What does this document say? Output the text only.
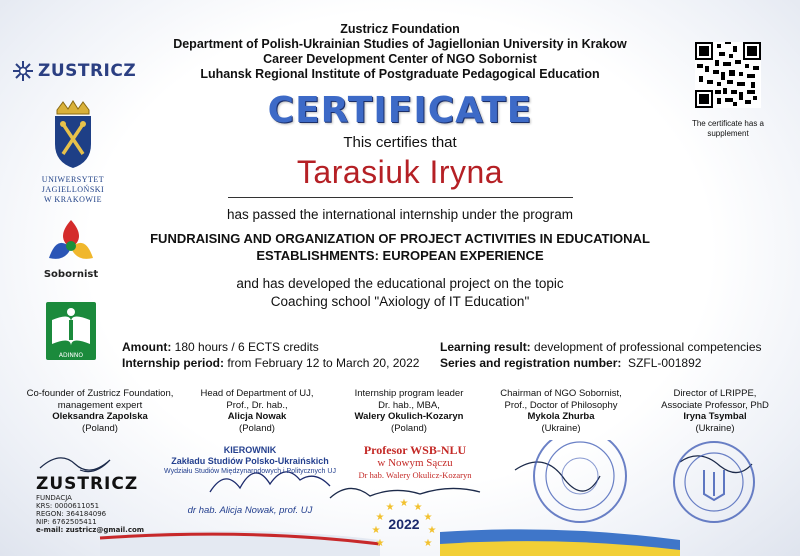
Zustricz Foundation
Department of Polish-Ukrainian Studies of Jagiellonian University in Krakow
Career Development Center of NGO Sobornist
Luhansk Regional Institute of Postgraduate Pedagogical Education
ZUSTRICZ
UNIWERSYTET
JAGIELLOŃSKI
W KRAKOWIE
Sobornist
ADINNO
The certificate has a supplement
CERTIFICATE
This certifies that
Tarasiuk Iryna
has passed the international internship under the program
FUNDRAISING AND ORGANIZATION OF PROJECT ACTIVITIES IN EDUCATIONAL ESTABLISHMENTS: EUROPEAN EXPERIENCE
and has developed the educational project on the topic
Coaching school "Axiology of IT Education"
Amount: 180 hours / 6 ECTS credits
Internship period: from February 12 to March 20, 2022
Learning result: development of professional competencies
Series and registration number:  SZFL-001892
Co-founder of Zustricz Foundation,
management expert
Oleksandra Zapolska
(Poland)
Head of Department of UJ,
Prof., Dr. hab.,
Alicja Nowak
(Poland)
Internship program leader
Dr. hab., MBA,
Walery Okulich-Kozaryn
(Poland)
Chairman of NGO Sobornist,
Prof., Doctor of Philosophy
Mykola Zhurba
(Ukraine)
Director of LRIPPE,
Associate Professor, PhD
Iryna Tsymbal
(Ukraine)
★ ★
★
★
★
★
★
★
★
ZUSTRICZ
FUNDACJA
KRS: 0000611051
REGON: 364184096
NIP: 6762505411
e-mail: zustricz@gmail.com
KIEROWNIK
Zakładu Studiów Polsko-Ukraińskich
Wydziału Studiów Międzynarodowych i Politycznych UJ
dr hab. Alicja Nowak, prof. UJ
Profesor WSB-NLU
w Nowym Sączu
Dr hab. Walery Okulicz-Kozaryn
2022
